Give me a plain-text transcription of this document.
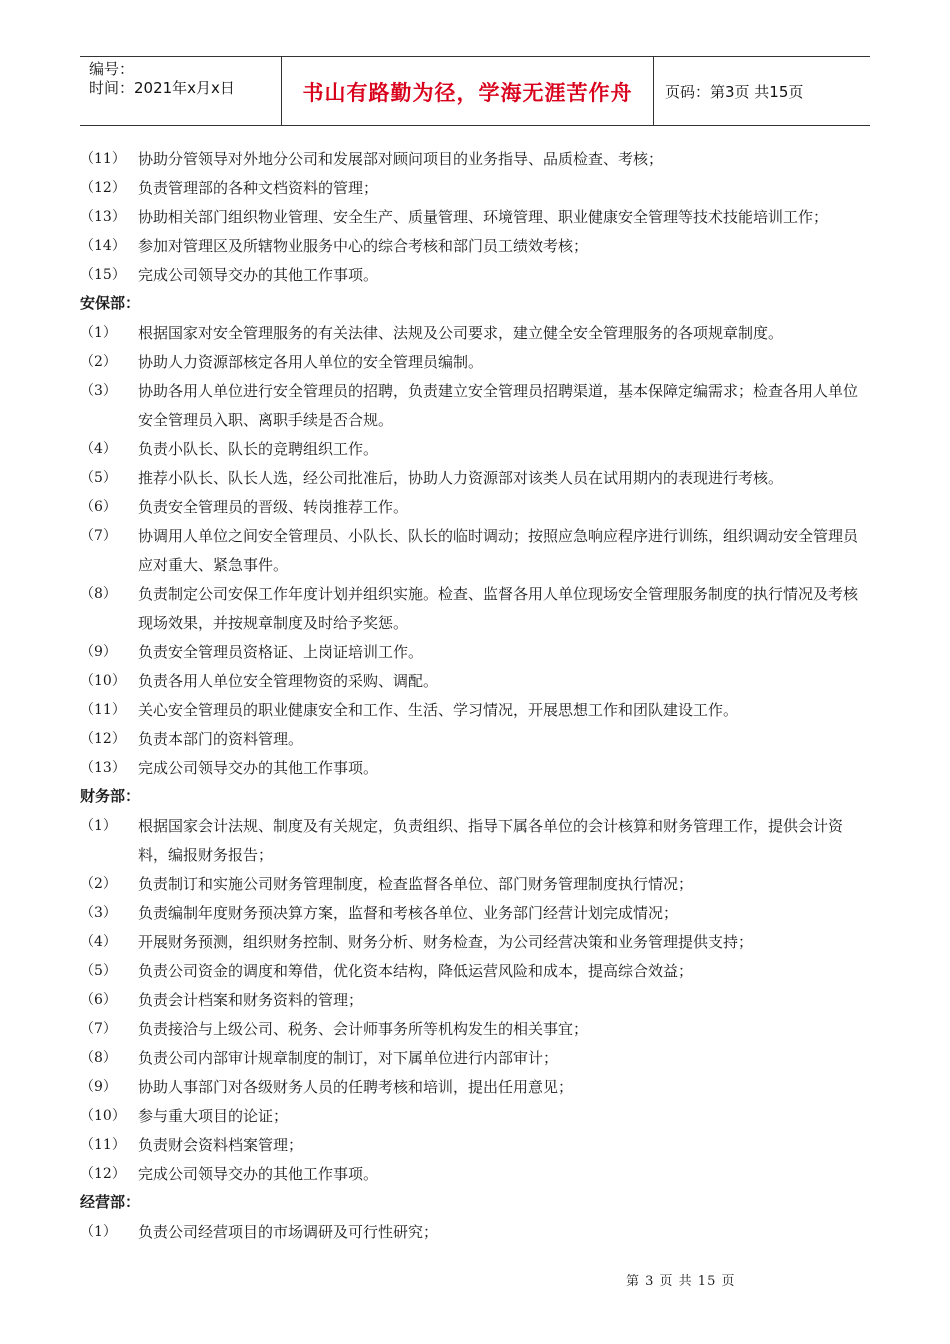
编号：
时间：2021年x月x日	书山有路勤为径，学海无涯苦作舟	页码：第3页 共15页
（11） 协助分管领导对外地分公司和发展部对顾问项目的业务指导、品质检查、考核；
（12） 负责管理部的各种文档资料的管理；
（13） 协助相关部门组织物业管理、安全生产、质量管理、环境管理、职业健康安全管理等技术技能培训工作；
（14） 参加对管理区及所辖物业服务中心的综合考核和部门员工绩效考核；
（15） 完成公司领导交办的其他工作事项。
安保部：
（1）	根据国家对安全管理服务的有关法律、法规及公司要求，建立健全安全管理服务的各项规章制度。
（2）	协助人力资源部核定各用人单位的安全管理员编制。
（3）	协助各用人单位进行安全管理员的招聘，负责建立安全管理员招聘渠道，基本保障定编需求；检查各用人单位安全管理员入职、离职手续是否合规。
（4）	负责小队长、队长的竞聘组织工作。
（5）	推荐小队长、队长人选，经公司批准后，协助人力资源部对该类人员在试用期内的表现进行考核。
（6）	负责安全管理员的晋级、转岗推荐工作。
（7）	协调用人单位之间安全管理员、小队长、队长的临时调动；按照应急响应程序进行训练，组织调动安全管理员应对重大、紧急事件。
（8）	负责制定公司安保工作年度计划并组织实施。检查、监督各用人单位现场安全管理服务制度的执行情况及考核现场效果，并按规章制度及时给予奖惩。
（9）	负责安全管理员资格证、上岗证培训工作。
（10） 负责各用人单位安全管理物资的采购、调配。
（11） 关心安全管理员的职业健康安全和工作、生活、学习情况，开展思想工作和团队建设工作。
（12） 负责本部门的资料管理。
（13） 完成公司领导交办的其他工作事项。
财务部：
（1）	根据国家会计法规、制度及有关规定，负责组织、指导下属各单位的会计核算和财务管理工作，提供会计资料，编报财务报告；
（2）	负责制订和实施公司财务管理制度，检查监督各单位、部门财务管理制度执行情况；
（3）	负责编制年度财务预决算方案，监督和考核各单位、业务部门经营计划完成情况；
（4）	开展财务预测，组织财务控制、财务分析、财务检查，为公司经营决策和业务管理提供支持；
（5）	负责公司资金的调度和筹借，优化资本结构，降低运营风险和成本，提高综合效益；
（6）	负责会计档案和财务资料的管理；
（7）	负责接洽与上级公司、税务、会计师事务所等机构发生的相关事宜；
（8）	负责公司内部审计规章制度的制订，对下属单位进行内部审计；
（9）	协助人事部门对各级财务人员的任聘考核和培训，提出任用意见；
（10） 参与重大项目的论证；
（11） 负责财会资料档案管理；
（12） 完成公司领导交办的其他工作事项。
经营部：
（1）	负责公司经营项目的市场调研及可行性研究；
第 3 页 共 15 页
